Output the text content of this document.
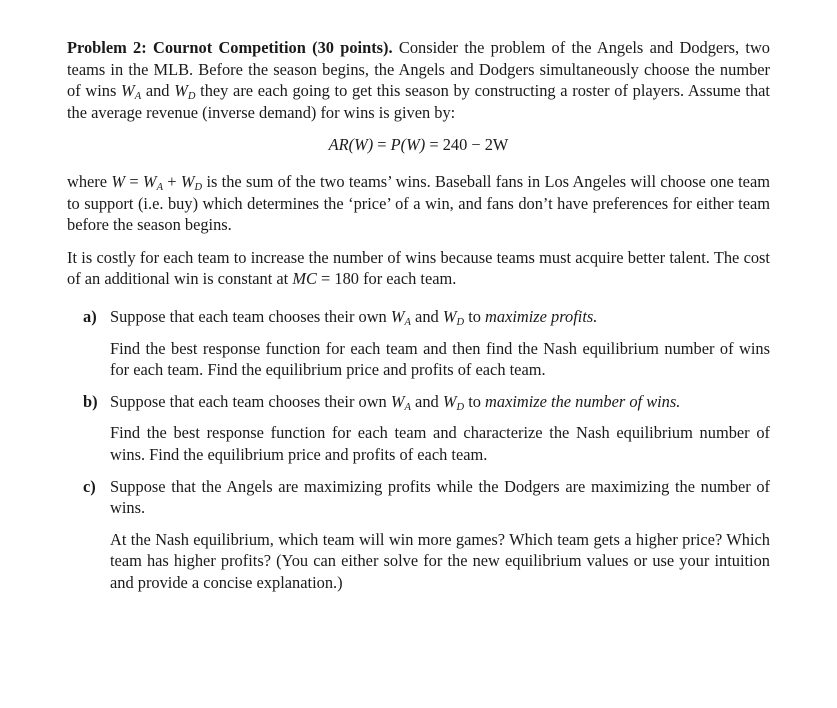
Problem 2: Cournot Competition (30 points). Consider the problem of the Angels and Dodgers, two teams in the MLB. Before the season begins, the Angels and Dodgers simultaneously choose the number of wins $W_A$ and $W_D$ they are each going to get this season by constructing a roster of players. Assume that the average revenue (inverse demand) for wins is given by:

AR(W) = P(W) = 240 − 2W

where $W = W_A + W_D$ is the sum of the two teams’ wins. Baseball fans in Los Angeles will choose one team to support (i.e. buy) which determines the ‘price’ of a win, and fans don’t have preferences for either team before the season begins.

It is costly for each team to increase the number of wins because teams must acquire better talent. The cost of an additional win is constant at MC = 180 for each team.

a) Suppose that each team chooses their own $W_A$ and $W_D$ to maximize profits.

Find the best response function for each team and then find the Nash equilibrium number of wins for each team. Find the equilibrium price and profits of each team.

b) Suppose that each team chooses their own $W_A$ and $W_D$ to maximize the number of wins.

Find the best response function for each team and characterize the Nash equilibrium number of wins. Find the equilibrium price and profits of each team.

c) Suppose that the Angels are maximizing profits while the Dodgers are maximizing the number of wins.

At the Nash equilibrium, which team will win more games? Which team gets a higher price? Which team has higher profits? (You can either solve for the new equilibrium values or use your intuition and provide a concise explanation.)
